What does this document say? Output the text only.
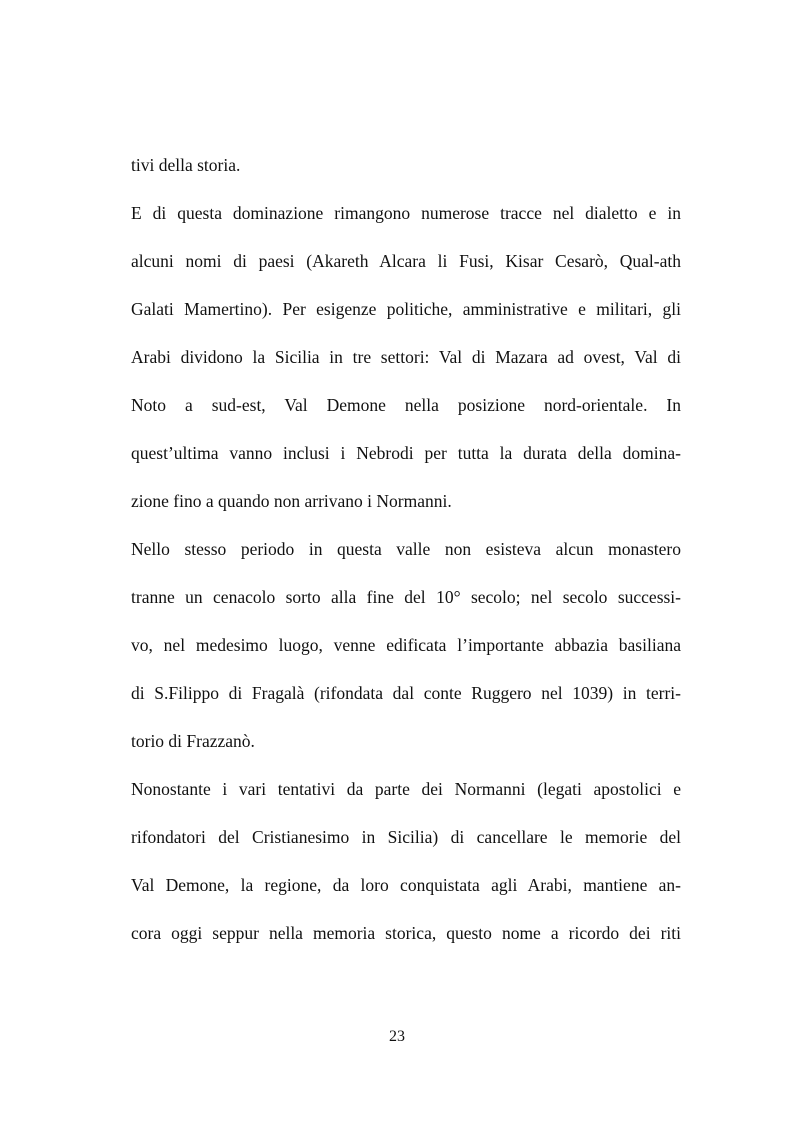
tivi della storia.
E di questa dominazione rimangono numerose tracce nel dialetto e in
alcuni nomi di paesi (Akareth Alcara li Fusi, Kisar Cesarò, Qual-ath
Galati Mamertino). Per esigenze politiche, amministrative e militari, gli
Arabi dividono la Sicilia in tre settori: Val di Mazara ad ovest, Val di
Noto a sud-est, Val Demone nella posizione nord-orientale. In
quest’ultima vanno inclusi i Nebrodi per tutta la durata della domina-
zione fino a quando non arrivano i Normanni.
Nello stesso periodo in questa valle non esisteva alcun monastero
tranne un cenacolo sorto alla fine del 10° secolo; nel secolo successi-
vo, nel medesimo luogo, venne edificata l’importante abbazia basiliana
di S.Filippo di Fragalà (rifondata dal conte Ruggero nel 1039) in terri-
torio di Frazzanò.
Nonostante i vari tentativi da parte dei Normanni (legati apostolici e
rifondatori del Cristianesimo in Sicilia) di cancellare le memorie del
Val Demone, la regione, da loro conquistata agli Arabi, mantiene an-
cora oggi seppur nella memoria storica, questo nome a ricordo dei riti
23
